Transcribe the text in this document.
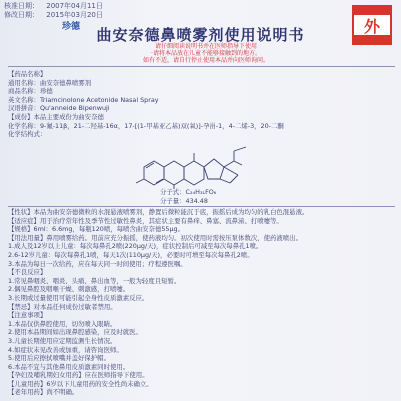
核准日期： 2007年04月11日
修改日期： 2015年03月20日
珍德	外
曲安奈德鼻喷雾剂使用说明书
请仔细阅读说明书并在医师指导下使用
·请将本品放在儿童不能够接触到的地方。
如有不适，请自行停止使用本品并向医师询问。

【药品名称】

通用名称：曲安奈德鼻喷雾剂

商品名称：珍德

英文名称：Triamcinolone Acetonide Nasal Spray

汉语拼音：Qu'anneide Bipenwuji

【成份】本品主要成份为曲安奈德

化学名称：9-氟-11β，21-二羟基-16α，17-[(1-甲基亚乙基)双(氧)]-孕甾-1，4-二烯-3，20-二酮

化学结构式：

分子式：C₂₄H₃₁FO₆

分子量：434.48

【性状】本品为曲安奈德微粒的水混悬液喷雾剂，静置后微粒能沉于底，振摇后成为均匀的乳白色混悬液。

【适应症】用于治疗常年性及季节性过敏性鼻炎，其症状主要有鼻痒、鼻塞、流鼻涕、打喷嚏等。

【规格】6ml：6.6mg，每瓶120喷，每喷含曲安奈德55μg。

【用法用量】鼻用喷雾给药。用前应充分振摇，使药液均匀。初次使用时需按压泵体数次，使药液喷出。

1.成人及12岁以上儿童：每次每鼻孔2喷(220μg/天)，症状控制后可减至每次每鼻孔1喷。

2.6-12岁儿童：每次每鼻孔1喷，每天1次(110μg/天)，必要时可增至每次每鼻孔2喷。

3.本品为每日一次给药，应在每天同一时间使用；疗程遵医嘱。

【不良反应】

1.常见鼻咽炎、咽炎、头痛、鼻出血等，一般为轻度且短暂。

2.偶见鼻腔及咽喉干燥、刺激感，打喷嚏。

3.长期或过量使用可能引起全身性皮质激素反应。

【禁忌】对本品任何成份过敏者禁用。

【注意事项】

1.本品仅供鼻腔使用，切勿喷入眼睛。

2.使用本品期间如出现鼻腔感染，应及时就医。

3.儿童长期使用应定期监测生长情况。

4.如症状未见改善或加重，请咨询医师。

5.使用后应擦拭喷嘴并盖好保护帽。

6.本品不宜与其他鼻用皮质激素同时使用。

【孕妇及哺乳期妇女用药】应在医师指导下使用。

【儿童用药】6岁以下儿童用药的安全性尚未确立。

【老年用药】尚不明确。
